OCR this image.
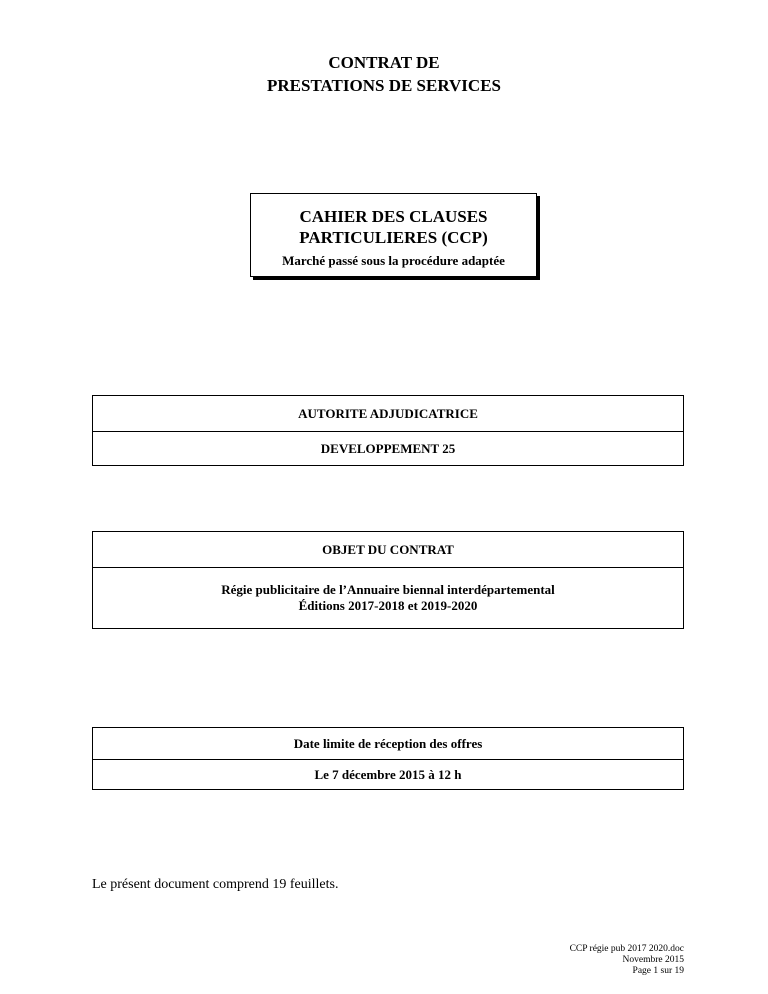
CONTRAT DE
PRESTATIONS DE SERVICES
CAHIER DES CLAUSES
PARTICULIERES (CCP)
Marché passé sous la procédure adaptée
AUTORITE ADJUDICATRICE
DEVELOPPEMENT 25
OBJET DU CONTRAT
Régie publicitaire de l’Annuaire biennal interdépartemental
Éditions 2017-2018 et 2019-2020
Date limite de réception des offres
Le 7 décembre 2015 à 12 h
Le présent document comprend 19 feuillets.
CCP régie pub 2017 2020.doc
Novembre 2015
Page 1 sur 19
